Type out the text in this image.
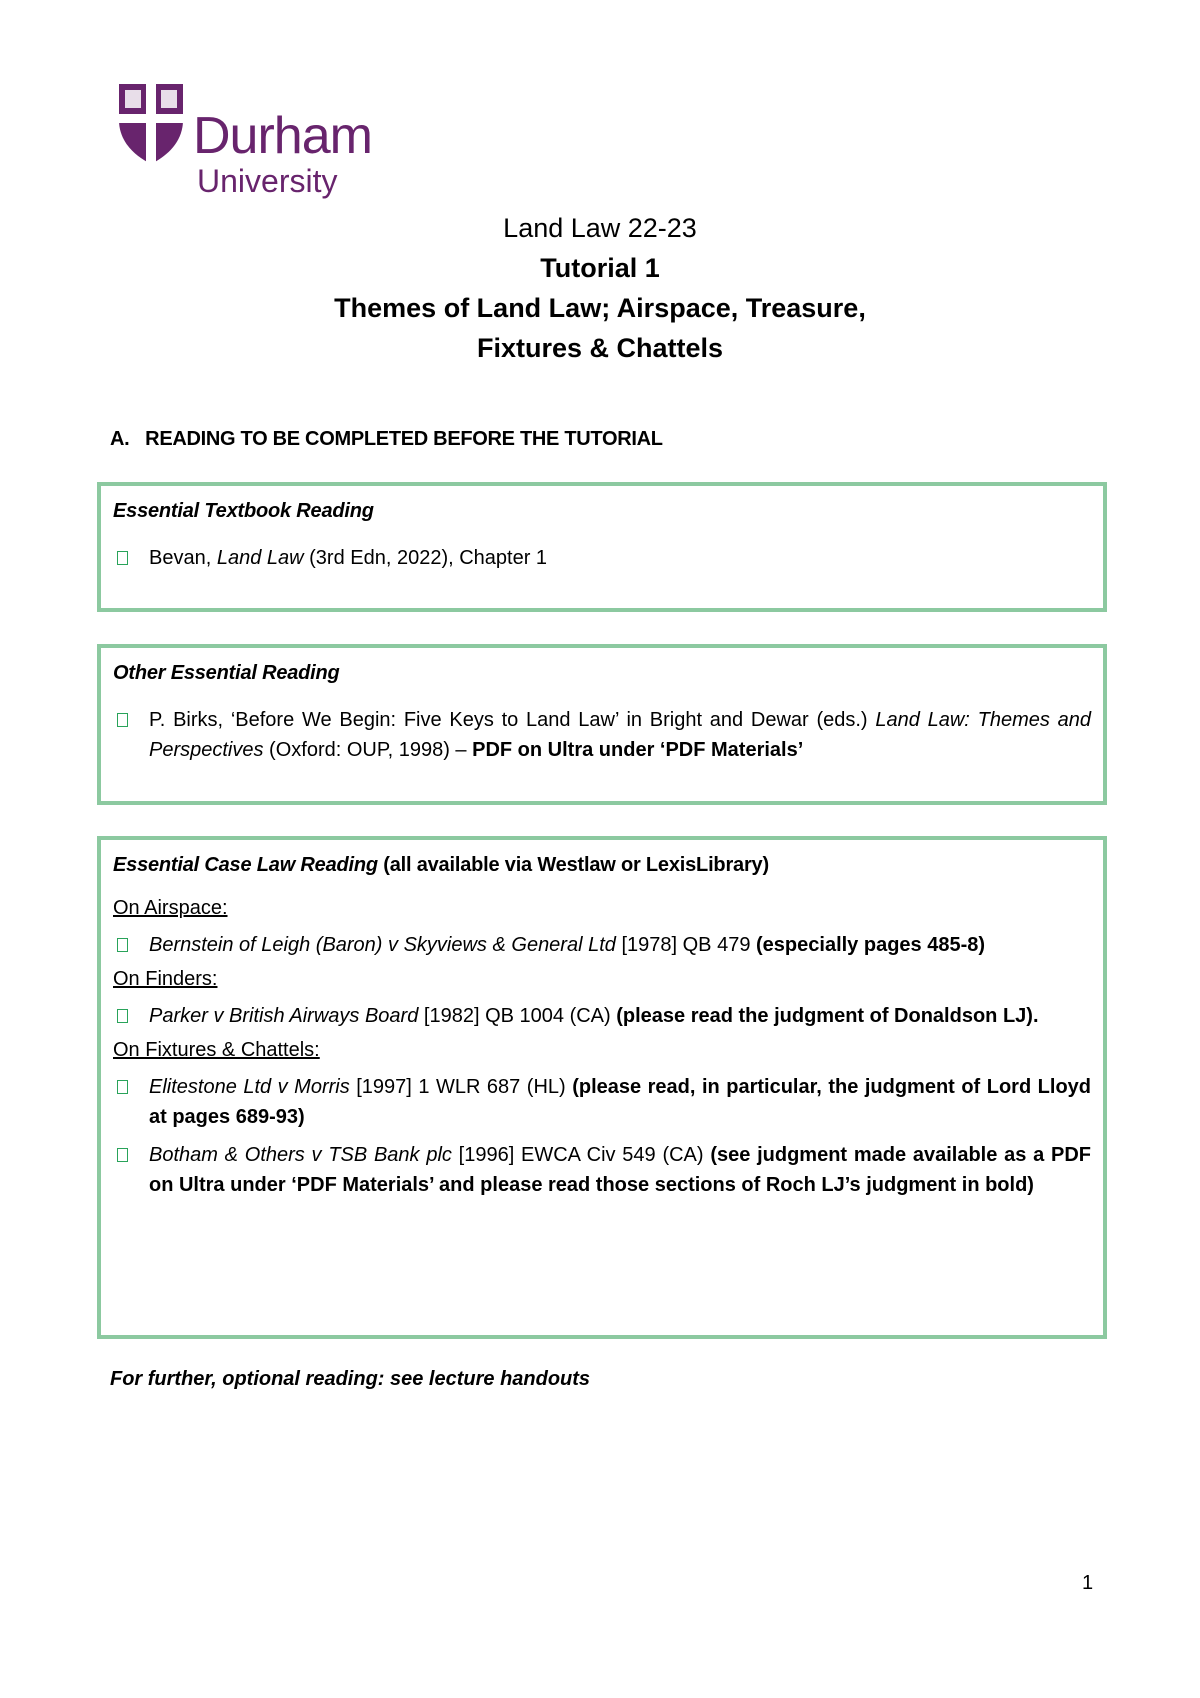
Durham
University
Land Law 22-23
Tutorial 1
Themes of Land Law; Airspace, Treasure,
Fixtures & Chattels
A.   READING TO BE COMPLETED BEFORE THE TUTORIAL
Essential Textbook Reading
Bevan, Land Law (3rd Edn, 2022), Chapter 1
Other Essential Reading
P. Birks, ‘Before We Begin: Five Keys to Land Law’ in Bright and Dewar (eds.) Land Law: Themes and Perspectives (Oxford: OUP, 1998) – PDF on Ultra under ‘PDF Materials’
Essential Case Law Reading (all available via Westlaw or LexisLibrary)
On Airspace:
Bernstein of Leigh (Baron) v Skyviews & General Ltd [1978] QB 479 (especially pages 485-8)
On Finders:
Parker v British Airways Board [1982] QB 1004 (CA) (please read the judgment of Donaldson LJ).
On Fixtures & Chattels:
Elitestone Ltd v Morris [1997] 1 WLR 687 (HL) (please read, in particular, the judgment of Lord Lloyd at pages 689-93)
Botham & Others v TSB Bank plc [1996] EWCA Civ 549 (CA) (see judgment made available as a PDF on Ultra under ‘PDF Materials’ and please read those sections of Roch LJ’s judgment in bold)
For further, optional reading: see lecture handouts
1
